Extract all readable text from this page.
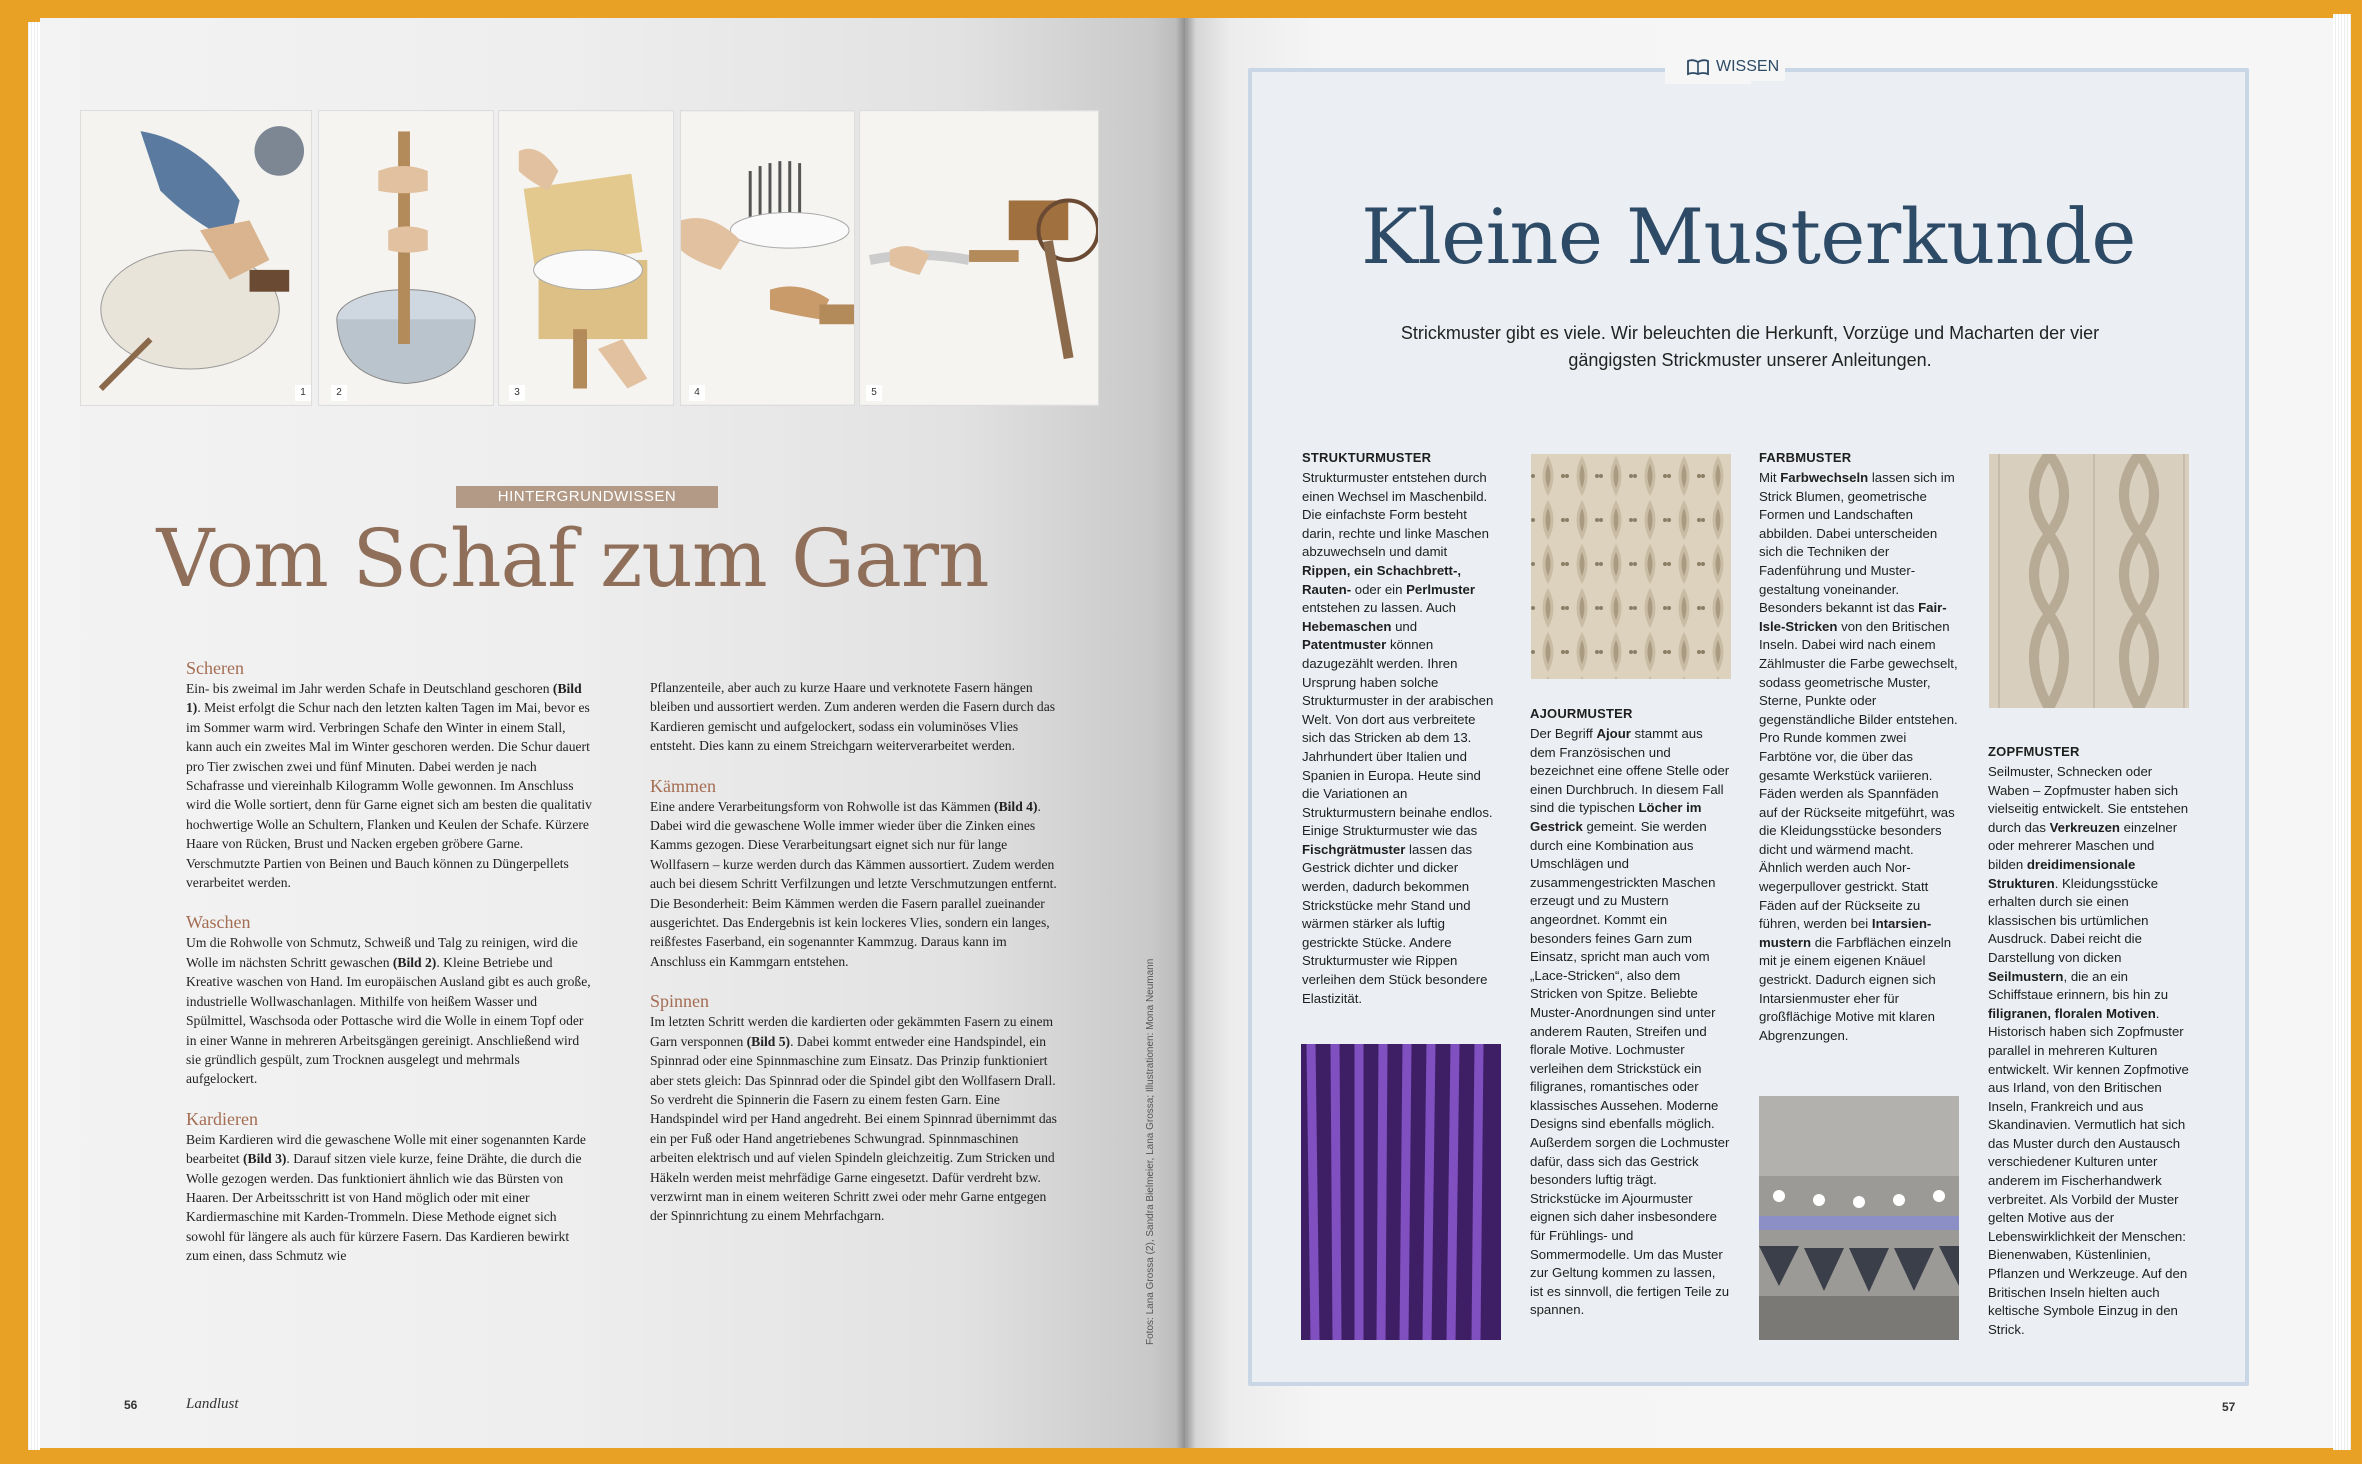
1	2	3	4	5
HINTERGRUNDWISSEN
Vom Schaf zum Garn
Scheren

Ein- bis zweimal im Jahr werden Schafe in Deutschland geschoren (Bild 1). Meist erfolgt die Schur nach den letzten kalten Tagen im Mai, bevor es im Sommer warm wird. Verbringen Schafe den Winter in einem Stall, kann auch ein zweites Mal im Winter geschoren werden. Die Schur dauert pro Tier zwischen zwei und fünf Minuten. Dabei werden je nach Schafrasse und viereinhalb Kilogramm Wolle gewonnen. Im Anschluss wird die Wolle sortiert, denn für Garne eignet sich am besten die qualitativ hochwertige Wolle an Schultern, Flanken und Keulen der Schafe. Kürzere Haare von Rücken, Brust und Nacken ergeben gröbere Garne. Verschmutzte Partien von Beinen und Bauch können zu Düngerpellets verarbeitet werden.

Waschen

Um die Rohwolle von Schmutz, Schweiß und Talg zu reinigen, wird die Wolle im nächsten Schritt gewaschen (Bild 2). Kleine Betriebe und Kreative waschen von Hand. Im europäischen Ausland gibt es auch große, industrielle Wollwaschanlagen. Mithilfe von heißem Wasser und Spülmittel, Waschsoda oder Pottasche wird die Wolle in einem Topf oder in einer Wanne in mehreren Arbeitsgängen gereinigt. Anschließend wird sie gründlich gespült, zum Trocknen ausgelegt und mehrmals aufgelockert.

Kardieren

Beim Kardieren wird die gewaschene Wolle mit einer sogenannten Karde bearbeitet (Bild 3). Darauf sitzen viele kurze, feine Drähte, die durch die Wolle gezogen werden. Das funktioniert ähnlich wie das Bürsten von Haaren. Der Arbeitsschritt ist von Hand möglich oder mit einer Kardiermaschine mit Karden-Trommeln. Diese Methode eignet sich sowohl für längere als auch für kürzere Fasern. Das Kardieren bewirkt zum einen, dass Schmutz wie

Pflanzenteile, aber auch zu kurze Haare und verknotete Fasern hängen bleiben und aussortiert werden. Zum anderen werden die Fasern durch das Kardieren gemischt und aufgelockert, sodass ein voluminöses Vlies entsteht. Dies kann zu einem Streichgarn weiterverarbeitet werden.

Kämmen

Eine andere Verarbeitungsform von Rohwolle ist das Kämmen (Bild 4). Dabei wird die gewaschene Wolle immer wieder über die Zinken eines Kamms gezogen. Diese Verarbeitungsart eignet sich nur für lange Wollfasern – kurze werden durch das Kämmen aussortiert. Zudem werden auch bei diesem Schritt Verfilzungen und letzte Verschmutzungen entfernt. Die Besonderheit: Beim Kämmen werden die Fasern parallel zueinander ausgerichtet. Das Endergebnis ist kein lockeres Vlies, sondern ein langes, reißfestes Faserband, ein sogenannter Kammzug. Daraus kann im Anschluss ein Kammgarn entstehen.

Spinnen

Im letzten Schritt werden die kardierten oder gekämmten Fasern zu einem Garn versponnen (Bild 5). Dabei kommt entweder eine Handspindel, ein Spinnrad oder eine Spinnmaschine zum Einsatz. Das Prinzip funktioniert aber stets gleich: Das Spinnrad oder die Spindel gibt den Wollfasern Drall. So verdreht die Spinnerin die Fasern zu einem festen Garn. Eine Handspindel wird per Hand angedreht. Bei einem Spinnrad übernimmt das ein per Fuß oder Hand angetriebenes Schwungrad. Spinnmaschinen arbeiten elektrisch und auf vielen Spindeln gleichzeitig. Zum Stricken und Häkeln werden meist mehrfädige Garne eingesetzt. Dafür verdreht bzw. verzwirnt man in einem weiteren Schritt zwei oder mehr Garne entgegen der Spinnrichtung zu einem Mehrfachgarn.	Fotos: Lana Grossa (2), Sandra Bielmeier, Lana Grossa; Illustrationen: Mona Neumann
56	Landlust
WISSEN
Kleine Musterkunde

Strickmuster gibt es viele. Wir beleuchten die Herkunft, Vorzüge und Macharten der vier gängigsten Strickmuster unserer Anleitungen.

STRUKTURMUSTER
Strukturmuster entstehen durch einen Wechsel im Maschenbild. Die einfachste Form besteht darin, rechte und linke Maschen abzuwechseln und damit Rippen, ein Schachbrett-, Rauten- oder ein Perlmuster entstehen zu lassen. Auch Hebemaschen und Patentmuster können dazugezählt werden. Ihren Ursprung haben solche Strukturmuster in der arabischen Welt. Von dort aus verbreitete sich das Stricken ab dem 13. Jahrhundert über Italien und Spanien in Europa. Heute sind die Variationen an Strukturmustern beinahe endlos. Einige Strukturmuster wie das Fischgrätmuster lassen das Gestrick dichter und dicker werden, dadurch bekommen Strickstücke mehr Stand und wärmen stärker als luftig gestrickte Stücke. Andere Strukturmuster wie Rippen verleihen dem Stück besondere Elastizität.
AJOURMUSTER
Der Begriff Ajour stammt aus dem Französischen und bezeichnet eine offene Stelle oder einen Durchbruch. In diesem Fall sind die typischen Löcher im Gestrick gemeint. Sie werden durch eine Kombination aus Umschlägen und zusammengestrickten Maschen erzeugt und zu Mustern angeordnet. Kommt ein besonders feines Garn zum Einsatz, spricht man auch vom „Lace-Stricken“, also dem Stricken von Spitze. Beliebte Muster-Anordnungen sind unter anderem Rauten, Streifen und florale Motive. Lochmuster verleihen dem Strickstück ein filigranes, romantisches oder klassisches Aussehen. Moderne Designs sind ebenfalls möglich. Außerdem sorgen die Lochmuster dafür, dass sich das Gestrick besonders luftig trägt. Strickstücke im Ajourmuster eignen sich daher insbesondere für Frühlings- und Sommermodelle. Um das Muster zur Geltung kommen zu lassen, ist es sinnvoll, die fertigen Teile zu spannen.
FARBMUSTER
Mit Farbwechseln lassen sich im Strick Blumen, geometrische Formen und Landschaften abbilden. Dabei unterscheiden sich die Techniken der Fadenführung und Mustergestaltung voneinander. Besonders bekannt ist das Fair-Isle-Stricken von den Britischen Inseln. Dabei wird nach einem Zählmuster die Farbe gewechselt, sodass geometrische Muster, Sterne, Punkte oder gegenständliche Bilder entstehen. Pro Runde kommen zwei Farbtöne vor, die über das gesamte Werkstück variieren. Fäden werden als Spannfäden auf der Rückseite mitgeführt, was die Kleidungsstücke besonders dicht und wärmend macht. Ähnlich werden auch Norwegerpullover gestrickt. Statt Fäden auf der Rückseite zu führen, werden bei Intarsienmustern die Farbflächen einzeln mit je einem eigenen Knäuel gestrickt. Dadurch eignen sich Intarsienmuster eher für großflächige Motive mit klaren Abgrenzungen.
ZOPFMUSTER
Seilmuster, Schnecken oder Waben – Zopfmuster haben sich vielseitig entwickelt. Sie entstehen durch das Verkreuzen einzelner oder mehrerer Maschen und bilden dreidimensionale Strukturen. Kleidungsstücke erhalten durch sie einen klassischen bis urtümlichen Ausdruck. Dabei reicht die Darstellung von dicken Seilmustern, die an ein Schiffstaue erinnern, bis hin zu filigranen, floralen Motiven. Historisch haben sich Zopfmuster parallel in mehreren Kulturen entwickelt. Wir kennen Zopfmotive aus Irland, von den Britischen Inseln, Frankreich und aus Skandinavien. Vermutlich hat sich das Muster durch den Austausch verschiedener Kulturen unter anderem im Fischerhandwerk verbreitet. Als Vorbild der Muster gelten Motive aus der Lebenswirklichkeit der Menschen: Bienenwaben, Küstenlinien, Pflanzen und Werkzeuge. Auf den Britischen Inseln hielten auch keltische Symbole Einzug in den Strick.
57
